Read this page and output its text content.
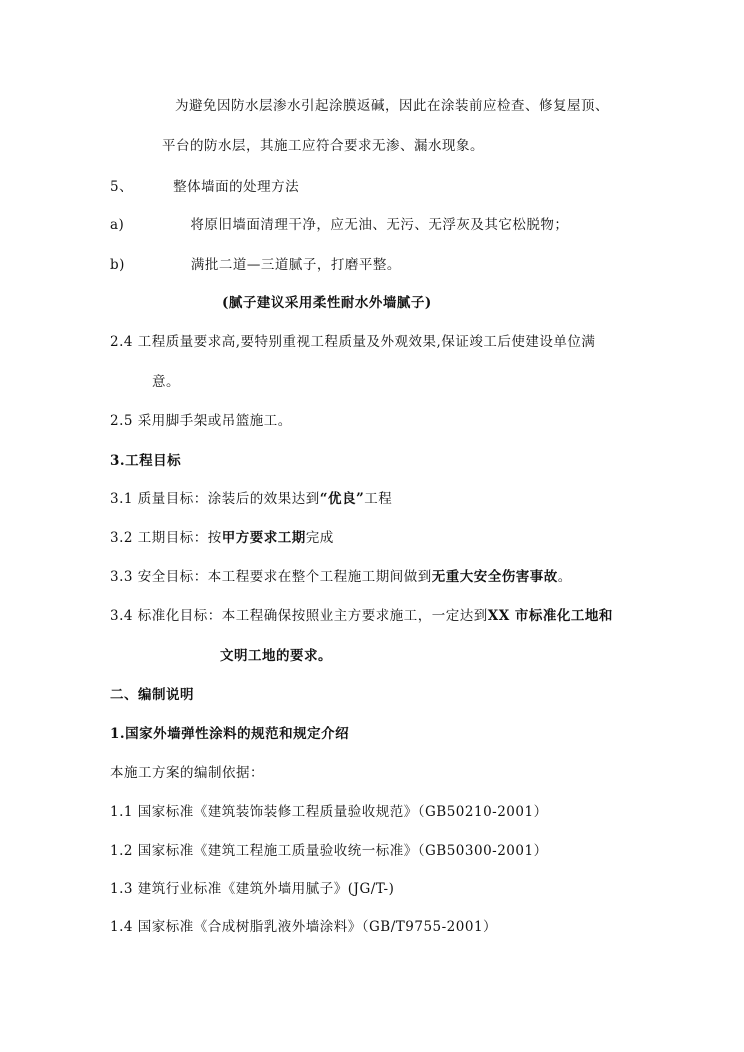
为避免因防水层渗水引起涂膜返碱，因此在涂装前应检查、修复屋顶、
平台的防水层，其施工应符合要求无渗、漏水现象。
5、	整体墙面的处理方法
a)	将原旧墙面清理干净，应无油、无污、无浮灰及其它松脱物；
b)	满批二道—三道腻子，打磨平整。
(腻子建议采用柔性耐水外墙腻子)
2.4 工程质量要求高,要特别重视工程质量及外观效果,保证竣工后使建设单位满
意。
2.5 采用脚手架或吊篮施工。
3.工程目标
3.1 质量目标：涂装后的效果达到“优良”工程
3.2 工期目标：按甲方要求工期完成
3.3 安全目标：本工程要求在整个工程施工期间做到无重大安全伤害事故。
3.4 标准化目标：本工程确保按照业主方要求施工，一定达到XX 市标准化工地和
文明工地的要求。
二、编制说明
1.国家外墙弹性涂料的规范和规定介绍
本施工方案的编制依据：
1.1 国家标准《建筑装饰装修工程质量验收规范》（GB50210-2001）
1.2 国家标准《建筑工程施工质量验收统一标准》（GB50300-2001）
1.3 建筑行业标准《建筑外墙用腻子》(JG/T-)
1.4 国家标准《合成树脂乳液外墙涂料》（GB/T9755-2001）
